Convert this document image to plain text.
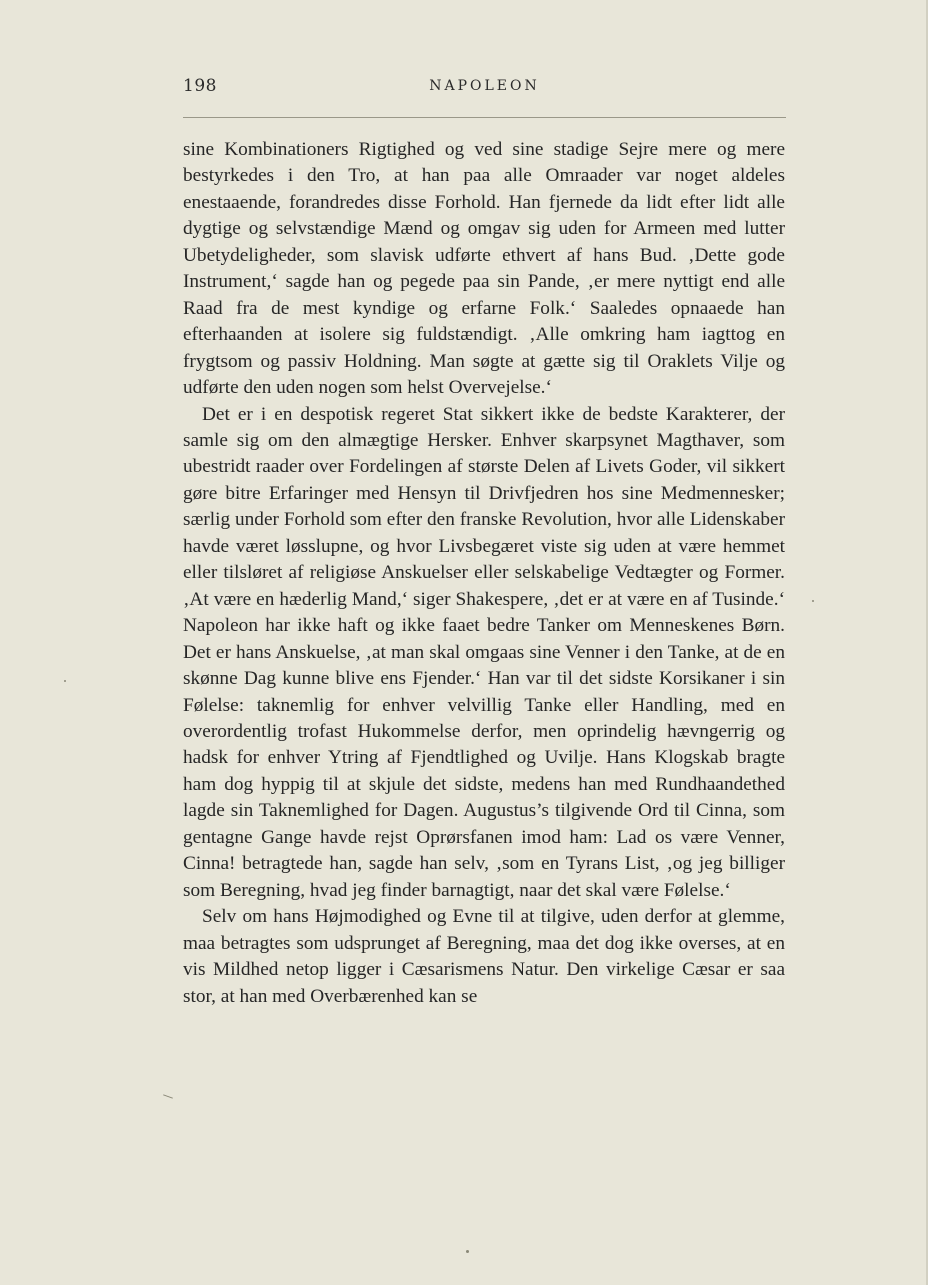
198	NAPOLEON

sine Kombinationers Rigtighed og ved sine stadige Sejre mere og mere bestyrkedes i den Tro, at han paa alle Omraader var noget aldeles enestaaende, forandredes disse Forhold. Han fjernede da lidt efter lidt alle dygtige og selvstændige Mænd og omgav sig uden for Armeen med lutter Ubetydeligheder, som slavisk udførte ethvert af hans Bud. ‚Dette gode Instrument,‘ sagde han og pegede paa sin Pande, ‚er mere nyttigt end alle Raad fra de mest kyndige og erfarne Folk.‘ Saaledes opnaaede han efterhaanden at isolere sig fuldstændigt. ‚Alle omkring ham iagttog en frygtsom og passiv Holdning. Man søgte at gætte sig til Oraklets Vilje og udførte den uden nogen som helst Overvejelse.‘

Det er i en despotisk regeret Stat sikkert ikke de bedste Karakterer, der samle sig om den almægtige Hersker. Enhver skarpsynet Magthaver, som ubestridt raader over Fordelingen af største Delen af Livets Goder, vil sikkert gøre bitre Erfaringer med Hensyn til Drivfjedren hos sine Medmennesker; særlig under Forhold som efter den franske Revolution, hvor alle Lidenskaber havde været løsslupne, og hvor Livsbegæret viste sig uden at være hemmet eller tilsløret af religiøse Anskuelser eller selskabelige Vedtægter og Former. ‚At være en hæderlig Mand,‘ siger Shakespere, ‚det er at være en af Tusinde.‘ Napoleon har ikke haft og ikke faaet bedre Tanker om Menneskenes Børn. Det er hans Anskuelse, ‚at man skal omgaas sine Venner i den Tanke, at de en skønne Dag kunne blive ens Fjender.‘ Han var til det sidste Korsikaner i sin Følelse: taknemlig for enhver velvillig Tanke eller Handling, med en overordentlig trofast Hukommelse derfor, men oprindelig hævngerrig og hadsk for enhver Ytring af Fjendtlighed og Uvilje. Hans Klogskab bragte ham dog hyppig til at skjule det sidste, medens han med Rundhaandethed lagde sin Taknemlighed for Dagen. Augustus’s tilgivende Ord til Cinna, som gentagne Gange havde rejst Oprørsfanen imod ham: Lad os være Venner, Cinna! betragtede han, sagde han selv, ‚som en Tyrans List, ‚og jeg billiger som Beregning, hvad jeg finder barnagtigt, naar det skal være Følelse.‘

Selv om hans Højmodighed og Evne til at tilgive, uden derfor at glemme, maa betragtes som udsprunget af Beregning, maa det dog ikke overses, at en vis Mildhed netop ligger i Cæsarismens Natur. Den virkelige Cæsar er saa stor, at han med Overbærenhed kan se
